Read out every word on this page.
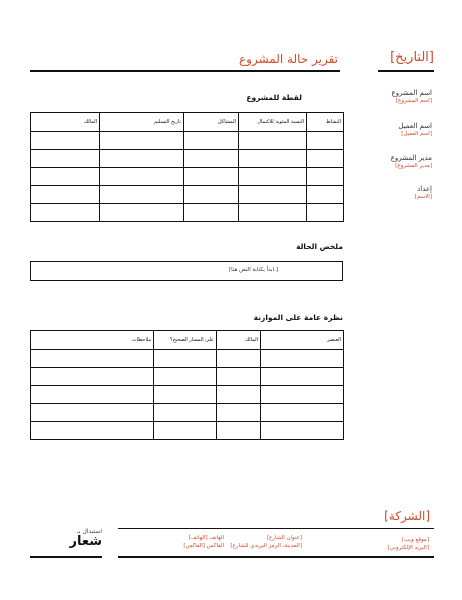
[التاريخ]
تقرير حالة المشروع
اسم المشروع
[اسم المشروع]
اسم العميل
[اسم العميل]
مدير المشروع
[مدير المشروع]
إعداد
[الاسم]
لقطة للمشروع
المالك	تاريخ التسليم	المشاكل	النسبة المئوية للاكتمال	النشاط

ملخص الحالة
[ابدأ بكتابة النص هنا.]
نظرة عامة على الموازنة
ملاحظات	على المسار الصحيح؟	المالك	العنصر

[الشركة]
[موقع ويب]
[البريد الإلكتروني]
[عنوان الشارع]
[المدينة، الرمز البريدي للشارع]
[الهاتف] الهاتف
[الفاكس] الفاكس
استبدال بـ
شعار
